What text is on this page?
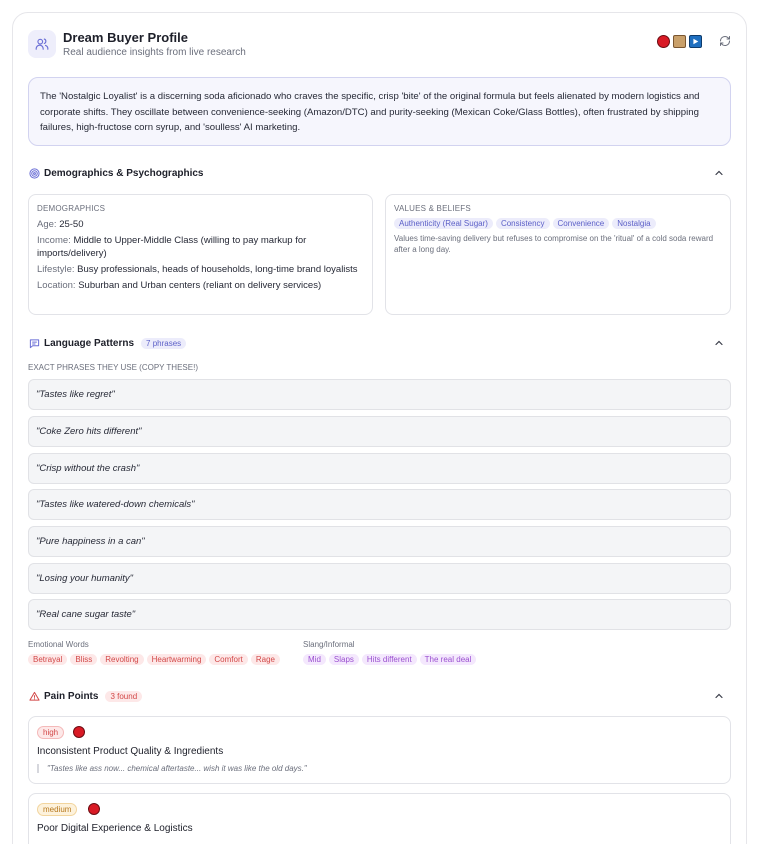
Dream Buyer Profile
Real audience insights from live research
The 'Nostalgic Loyalist' is a discerning soda aficionado who craves the specific, crisp 'bite' of the original formula but feels alienated by modern logistics and corporate shifts. They oscillate between convenience-seeking (Amazon/DTC) and purity-seeking (Mexican Coke/Glass Bottles), often frustrated by shipping failures, high-fructose corn syrup, and 'soulless' AI marketing.
Demographics & Psychographics
DEMOGRAPHICS
Age: 25-50
Income: Middle to Upper-Middle Class (willing to pay markup for imports/delivery)
Lifestyle: Busy professionals, heads of households, long-time brand loyalists
Location: Suburban and Urban centers (reliant on delivery services)
VALUES & BELIEFS
Authenticity (Real Sugar)	Consistency	Convenience	Nostalgia
Values time-saving delivery but refuses to compromise on the 'ritual' of a cold soda reward after a long day.
Language Patterns	7 phrases
EXACT PHRASES THEY USE (COPY THESE!)
"Tastes like regret"
"Coke Zero hits different"
"Crisp without the crash"
"Tastes like watered-down chemicals"
"Pure happiness in a can"
"Losing your humanity"
"Real cane sugar taste"
Emotional Words
Betrayal	Bliss	Revolting	Heartwarming	Comfort	Rage
Slang/Informal
Mid	Slaps	Hits different	The real deal
Pain Points	3 found
high
Inconsistent Product Quality & Ingredients
"Tastes like ass now... chemical aftertaste... wish it was like the old days."
medium
Poor Digital Experience & Logistics
